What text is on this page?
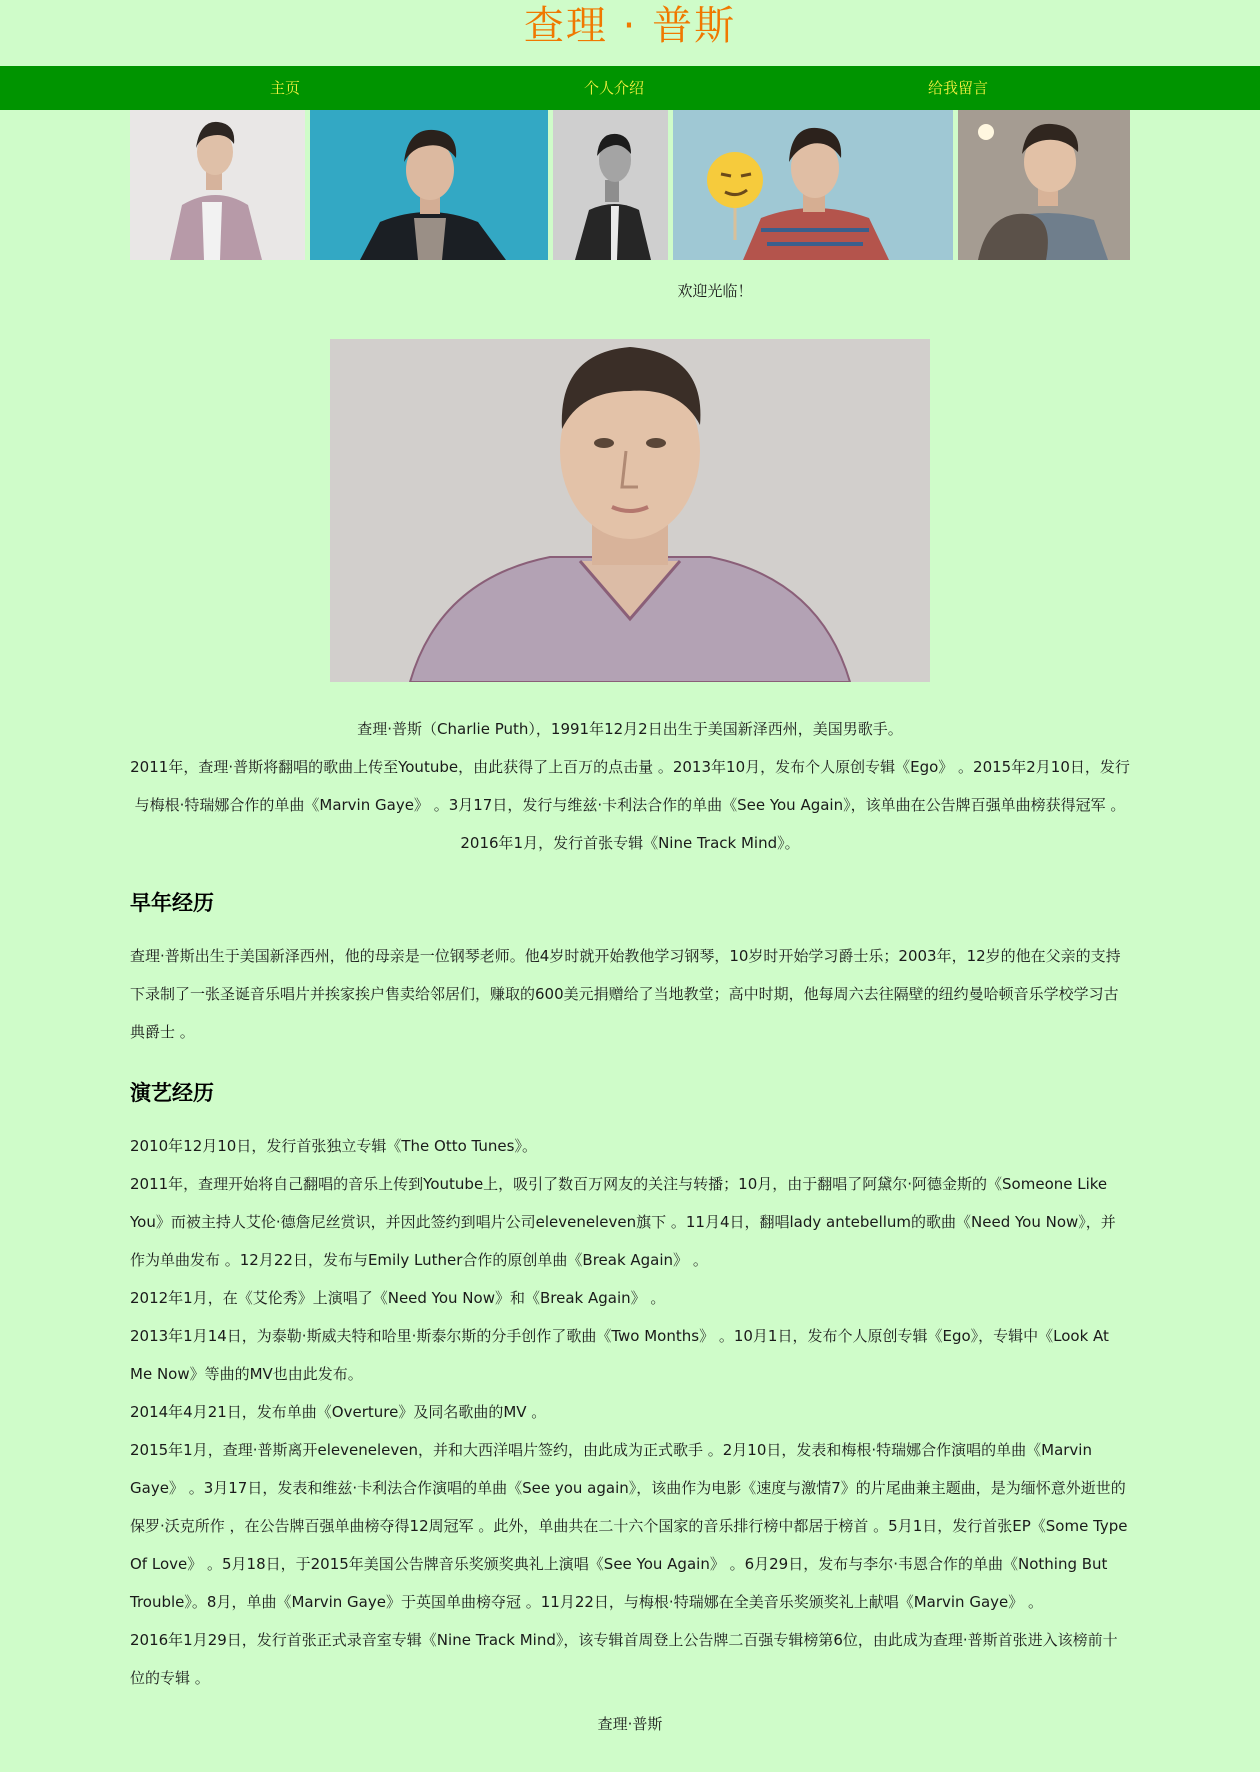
查理 · 普斯
主页	个人介绍	给我留言
欢迎光临！

查理·普斯（Charlie Puth），1991年12月2日出生于美国新泽西州，美国男歌手。

2011年，查理·普斯将翻唱的歌曲上传至Youtube，由此获得了上百万的点击量 。2013年10月，发布个人原创专辑《Ego》 。2015年2月10日，发行与梅根·特瑞娜合作的单曲《Marvin Gaye》 。3月17日，发行与维兹·卡利法合作的单曲《See You Again》，该单曲在公告牌百强单曲榜获得冠军 。2016年1月，发行首张专辑《Nine Track Mind》。

早年经历

查理·普斯出生于美国新泽西州，他的母亲是一位钢琴老师。他4岁时就开始教他学习钢琴，10岁时开始学习爵士乐；2003年，12岁的他在父亲的支持下录制了一张圣诞音乐唱片并挨家挨户售卖给邻居们，赚取的600美元捐赠给了当地教堂；高中时期，他每周六去往隔壁的纽约曼哈顿音乐学校学习古典爵士 。

演艺经历

2010年12月10日，发行首张独立专辑《The Otto Tunes》。

2011年，查理开始将自己翻唱的音乐上传到Youtube上，吸引了数百万网友的关注与转播；10月，由于翻唱了阿黛尔·阿德金斯的《Someone Like You》而被主持人艾伦·德詹尼丝赏识，并因此签约到唱片公司eleveneleven旗下 。11月4日，翻唱lady antebellum的歌曲《Need You Now》，并作为单曲发布 。12月22日，发布与Emily Luther合作的原创单曲《Break Again》 。

2012年1月，在《艾伦秀》上演唱了《Need You Now》和《Break Again》 。

2013年1月14日，为泰勒·斯威夫特和哈里·斯泰尔斯的分手创作了歌曲《Two Months》 。10月1日，发布个人原创专辑《Ego》，专辑中《Look At Me Now》等曲的MV也由此发布。

2014年4月21日，发布单曲《Overture》及同名歌曲的MV 。

2015年1月，查理·普斯离开eleveneleven，并和大西洋唱片签约，由此成为正式歌手 。2月10日，发表和梅根·特瑞娜合作演唱的单曲《Marvin Gaye》 。3月17日，发表和维兹·卡利法合作演唱的单曲《See you again》，该曲作为电影《速度与激情7》的片尾曲兼主题曲，是为缅怀意外逝世的保罗·沃克所作 ，在公告牌百强单曲榜夺得12周冠军 。此外，单曲共在二十六个国家的音乐排行榜中都居于榜首 。5月1日，发行首张EP《Some Type Of Love》 。5月18日，于2015年美国公告牌音乐奖颁奖典礼上演唱《See You Again》 。6月29日，发布与李尔·韦恩合作的单曲《Nothing But Trouble》。8月，单曲《Marvin Gaye》于英国单曲榜夺冠 。11月22日，与梅根·特瑞娜在全美音乐奖颁奖礼上献唱《Marvin Gaye》 。

2016年1月29日，发行首张正式录音室专辑《Nine Track Mind》，该专辑首周登上公告牌二百强专辑榜第6位，由此成为查理·普斯首张进入该榜前十位的专辑 。

查理·普斯
